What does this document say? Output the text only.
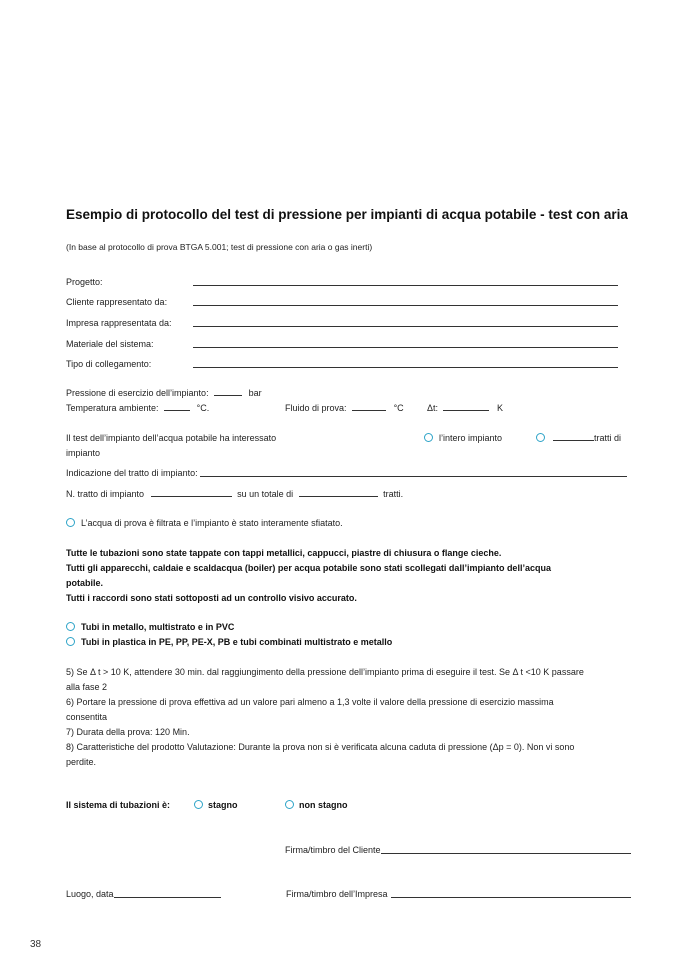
Esempio di protocollo del test di pressione per impianti di acqua potabile - test con aria
(In base al protocollo di prova BTGA 5.001; test di pressione con aria o gas inerti)
Progetto:
Cliente rappresentato da:
Impresa rappresentata da:
Materiale del sistema:
Tipo di collegamento:
Pressione di esercizio dell’impianto:	bar
Temperatura ambiente:	°C.	Fluido di prova:	°C	Δt:	K
Il test dell’impianto dell’acqua potabile ha interessato
impianto
l’intero impianto	tratti di
Indicazione del tratto di impianto:
N. tratto di impianto	su un totale di	tratti.
L’acqua di prova è filtrata e l’impianto è stato interamente sfiatato.
Tutte le tubazioni sono state tappate con tappi metallici, cappucci, piastre di chiusura o flange cieche.
Tutti gli apparecchi, caldaie e scaldacqua (boiler) per acqua potabile sono stati scollegati dall’impianto dell’acqua
potabile.
Tutti i raccordi sono stati sottoposti ad un controllo visivo accurato.
Tubi in metallo, multistrato e in PVC
Tubi in plastica in PE, PP, PE-X, PB e tubi combinati multistrato e metallo
5) Se Δ t > 10 K, attendere 30 min. dal raggiungimento della pressione dell’impianto prima di eseguire il test. Se Δ t <10 K passare
alla fase 2
6) Portare la pressione di prova effettiva ad un valore pari almeno a 1,3 volte il valore della pressione di esercizio massima
consentita
7) Durata della prova: 120 Min.
8) Caratteristiche del prodotto Valutazione: Durante la prova non si è verificata alcuna caduta di pressione (Δp = 0). Non vi sono
perdite.
Il sistema di tubazioni è:	stagno	non stagno
Firma/timbro del Cliente
Luogo, data	Firma/timbro dell’Impresa
38
